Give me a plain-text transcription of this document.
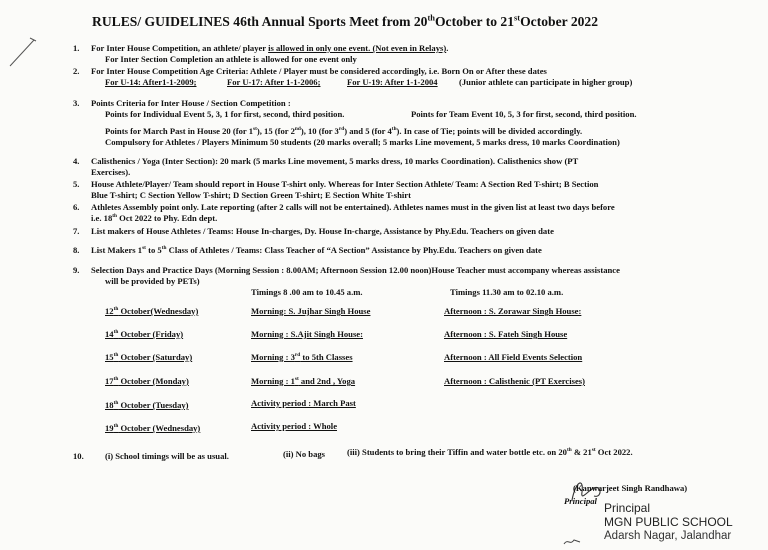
RULES/ GUIDELINES 46th Annual Sports Meet from 20thOctober to 21stOctober 2022
1. For Inter House Competition, an athlete/ player is allowed in only one event. (Not even in Relays).
For Inter Section Completion an athlete is allowed for one event only
2. For Inter House Competition Age Criteria: Athlete / Player must be considered accordingly, i.e. Born On or After these dates
For U-14: After1-1-2009;	For U-17: After 1-1-2006;	For U-19: After 1-1-2004 (Junior athlete can participate in higher group)
3. Points Criteria for Inter House / Section Competition :
Points for Individual Event 5, 3, 1 for first, second, third position.	Points for Team Event 10, 5, 3 for first, second, third position.
Points for March Past in House 20 (for 1st), 15 (for 2nd), 10 (for 3rd) and 5 (for 4th). In case of Tie; points will be divided accordingly.
Compulsory for Athletes / Players Minimum 50 students (20 marks overall; 5 marks Line movement, 5 marks dress, 10 marks Coordination)
4. Calisthenics / Yoga (Inter Section): 20 mark (5 marks Line movement, 5 marks dress, 10 marks Coordination). Calisthenics show (PT
Exercises).
5. House Athlete/Player/ Team should report in House T-shirt only. Whereas for Inter Section Athlete/ Team: A Section Red T-shirt; B Section
Blue T-shirt; C Section Yellow T-shirt; D Section Green T-shirt; E Section White T-shirt
6. Athletes Assembly point only. Late reporting (after 2 calls will not be entertained). Athletes names must in the given list at least two days before
i.e. 18th Oct 2022 to Phy. Edn dept.
7. List makers of House Athletes / Teams: House In-charges, Dy. House In-charge, Assistance by Phy.Edu. Teachers on given date
8. List Makers 1st to 5th Class of Athletes / Teams: Class Teacher of “A Section” Assistance by Phy.Edu. Teachers on given date
9. Selection Days and Practice Days (Morning Session : 8.00AM; Afternoon Session 12.00 noon)House Teacher must accompany whereas assistance
will be provided by PETs)
Timings 8 .00 am to 10.45 a.m.	Timings 11.30 am to 02.10 a.m.
12th October(Wednesday)	Morning: S. Jujhar Singh House	Afternoon : S. Zorawar Singh House:
14th October (Friday)	Morning : S.Ajit Singh House:	Afternoon : S. Fateh Singh House
15th October (Saturday)	Morning : 3rd to 5th Classes	Afternoon : All Field Events Selection
17th October (Monday)	Morning : 1st and 2nd , Yoga	Afternoon : Calisthenic (PT Exercises)
18th October (Tuesday)	Activity period : March Past
19th October (Wednesday)	Activity period : Whole
10. (i) School timings will be as usual.	(ii) No bags	(iii) Students to bring their Tiffin and water bottle etc. on 20th & 21st Oct 2022.
(Kanwarjeet Singh Randhawa)
Principal Principal
MGN PUBLIC SCHOOL
Adarsh Nagar, Jalandhar
